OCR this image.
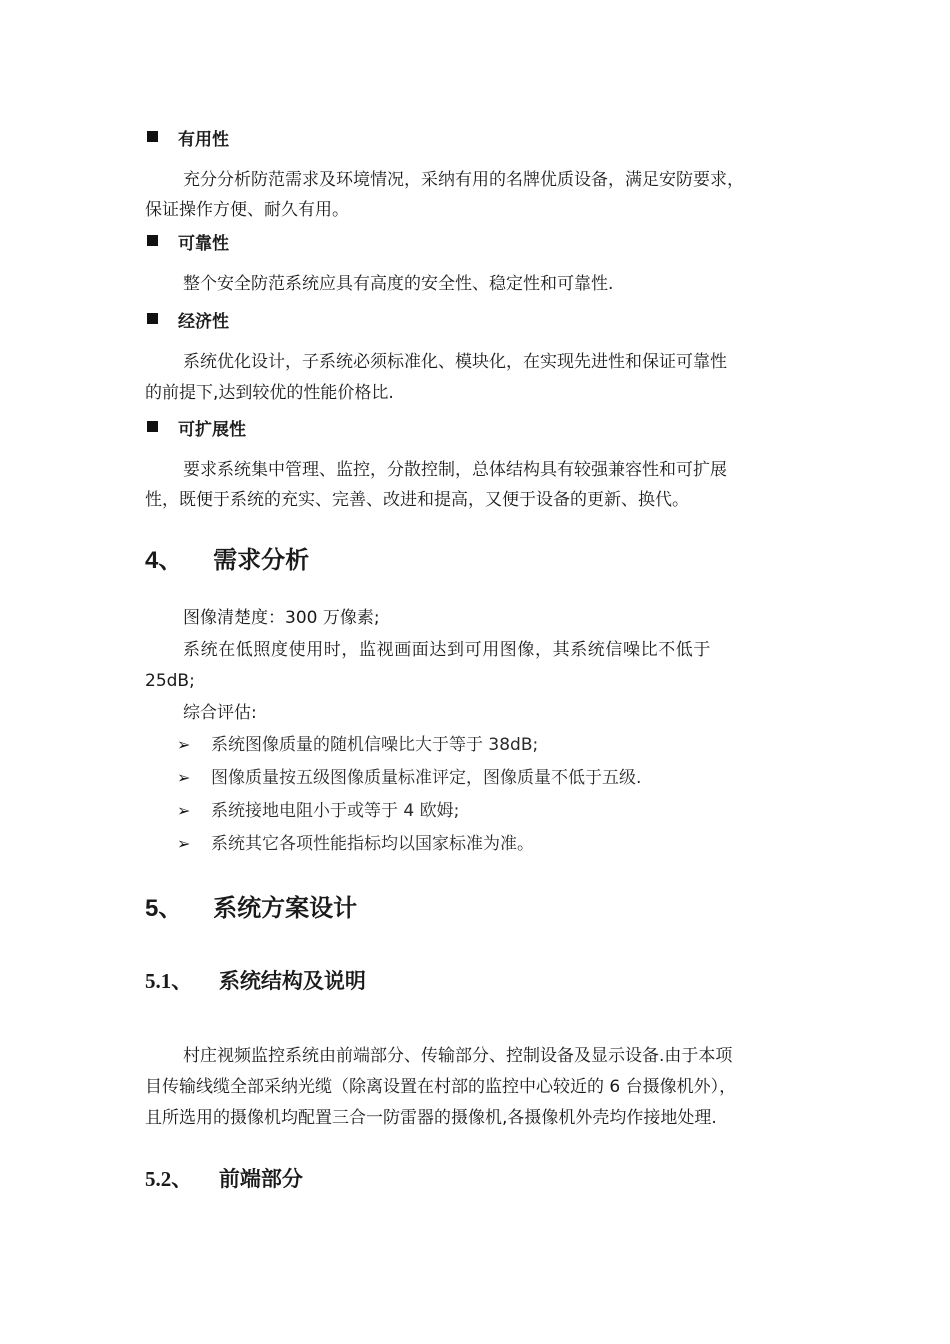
有用性
充分分析防范需求及环境情况，采纳有用的名牌优质设备，满足安防要求，
保证操作方便、耐久有用。
可靠性
整个安全防范系统应具有高度的安全性、稳定性和可靠性.
经济性
系统优化设计，子系统必须标准化、模块化，在实现先进性和保证可靠性
的前提下,达到较优的性能价格比.
可扩展性
要求系统集中管理、监控，分散控制，总体结构具有较强兼容性和可扩展
性，既便于系统的充实、完善、改进和提高，又便于设备的更新、换代。
4、 需求分析
图像清楚度：300 万像素;
系统在低照度使用时，监视画面达到可用图像，其系统信噪比不低于
25dB;
综合评估:
➢ 系统图像质量的随机信噪比大于等于 38dB;
➢ 图像质量按五级图像质量标准评定，图像质量不低于五级.
➢ 系统接地电阻小于或等于 4 欧姆;
➢ 系统其它各项性能指标均以国家标准为准。
5、 系统方案设计
5.1、 系统结构及说明
村庄视频监控系统由前端部分、传输部分、控制设备及显示设备.由于本项
目传输线缆全部采纳光缆（除离设置在村部的监控中心较近的 6 台摄像机外），
且所选用的摄像机均配置三合一防雷器的摄像机,各摄像机外壳均作接地处理.
5.2、 前端部分
